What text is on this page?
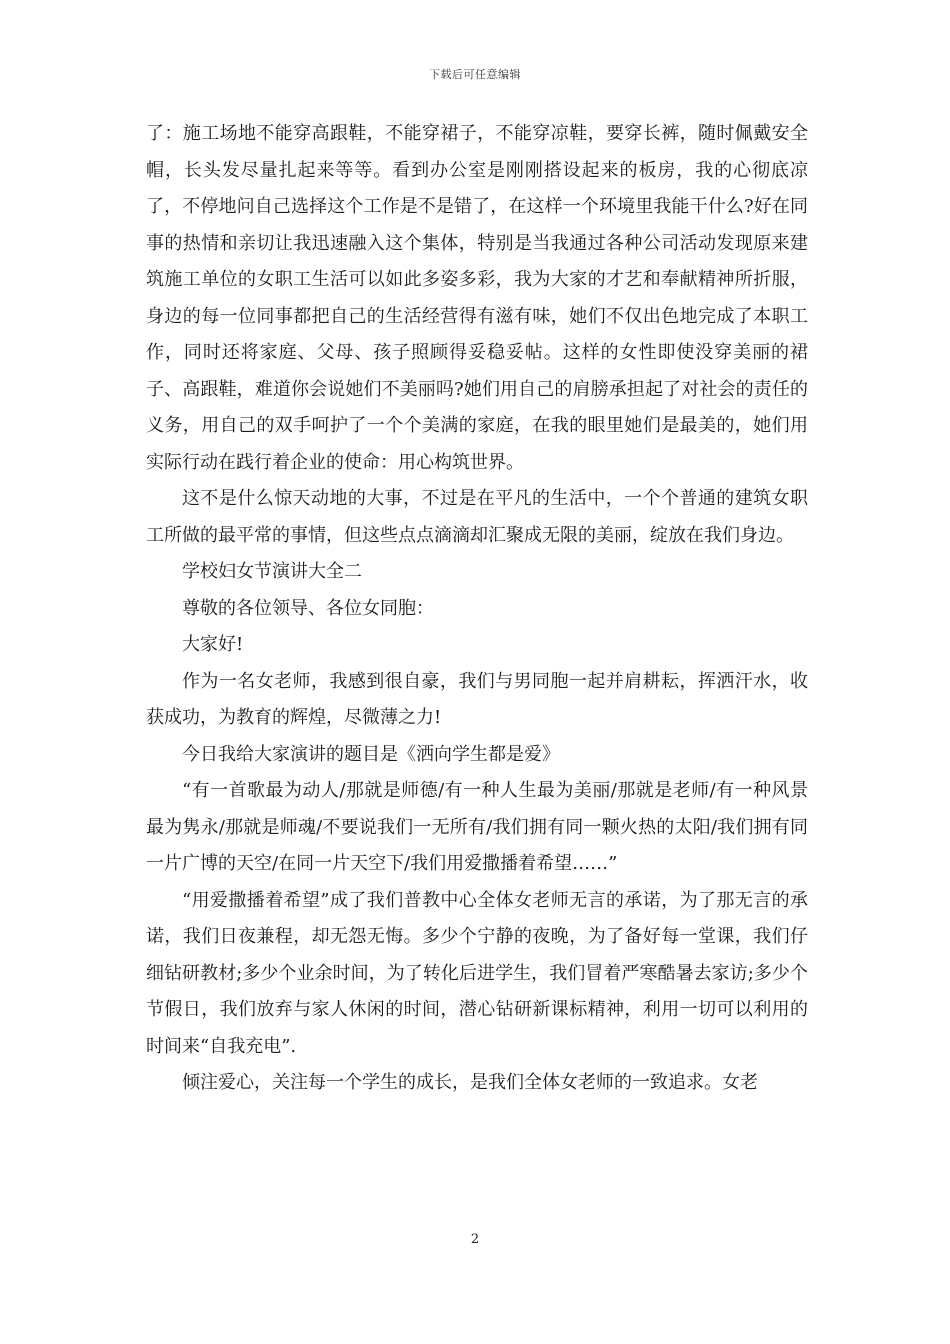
下载后可任意编辑

了：施工场地不能穿高跟鞋，不能穿裙子，不能穿凉鞋，要穿长裤，随时佩戴安全帽，长头发尽量扎起来等等。看到办公室是刚刚搭设起来的板房，我的心彻底凉了，不停地问自己选择这个工作是不是错了，在这样一个环境里我能干什么?好在同事的热情和亲切让我迅速融入这个集体，特别是当我通过各种公司活动发现原来建筑施工单位的女职工生活可以如此多姿多彩，我为大家的才艺和奉献精神所折服，身边的每一位同事都把自己的生活经营得有滋有味，她们不仅出色地完成了本职工作，同时还将家庭、父母、孩子照顾得妥稳妥帖。这样的女性即使没穿美丽的裙子、高跟鞋，难道你会说她们不美丽吗?她们用自己的肩膀承担起了对社会的责任的义务，用自己的双手呵护了一个个美满的家庭，在我的眼里她们是最美的，她们用实际行动在践行着企业的使命：用心构筑世界。

这不是什么惊天动地的大事，不过是在平凡的生活中，一个个普通的建筑女职工所做的最平常的事情，但这些点点滴滴却汇聚成无限的美丽，绽放在我们身边。

学校妇女节演讲大全二

尊敬的各位领导、各位女同胞：

大家好!

作为一名女老师，我感到很自豪，我们与男同胞一起并肩耕耘，挥洒汗水，收获成功，为教育的辉煌，尽微薄之力!

今日我给大家演讲的题目是《洒向学生都是爱》

“有一首歌最为动人/那就是师德/有一种人生最为美丽/那就是老师/有一种风景最为隽永/那就是师魂/不要说我们一无所有/我们拥有同一颗火热的太阳/我们拥有同一片广博的天空/在同一片天空下/我们用爱撒播着希望……”

“用爱撒播着希望”成了我们普教中心全体女老师无言的承诺，为了那无言的承诺，我们日夜兼程，却无怨无悔。多少个宁静的夜晚，为了备好每一堂课，我们仔细钻研教材;多少个业余时间，为了转化后进学生，我们冒着严寒酷暑去家访;多少个节假日，我们放弃与家人休闲的时间，潜心钻研新课标精神，利用一切可以利用的时间来“自我充电”.

倾注爱心，关注每一个学生的成长，是我们全体女老师的一致追求。女老

2
